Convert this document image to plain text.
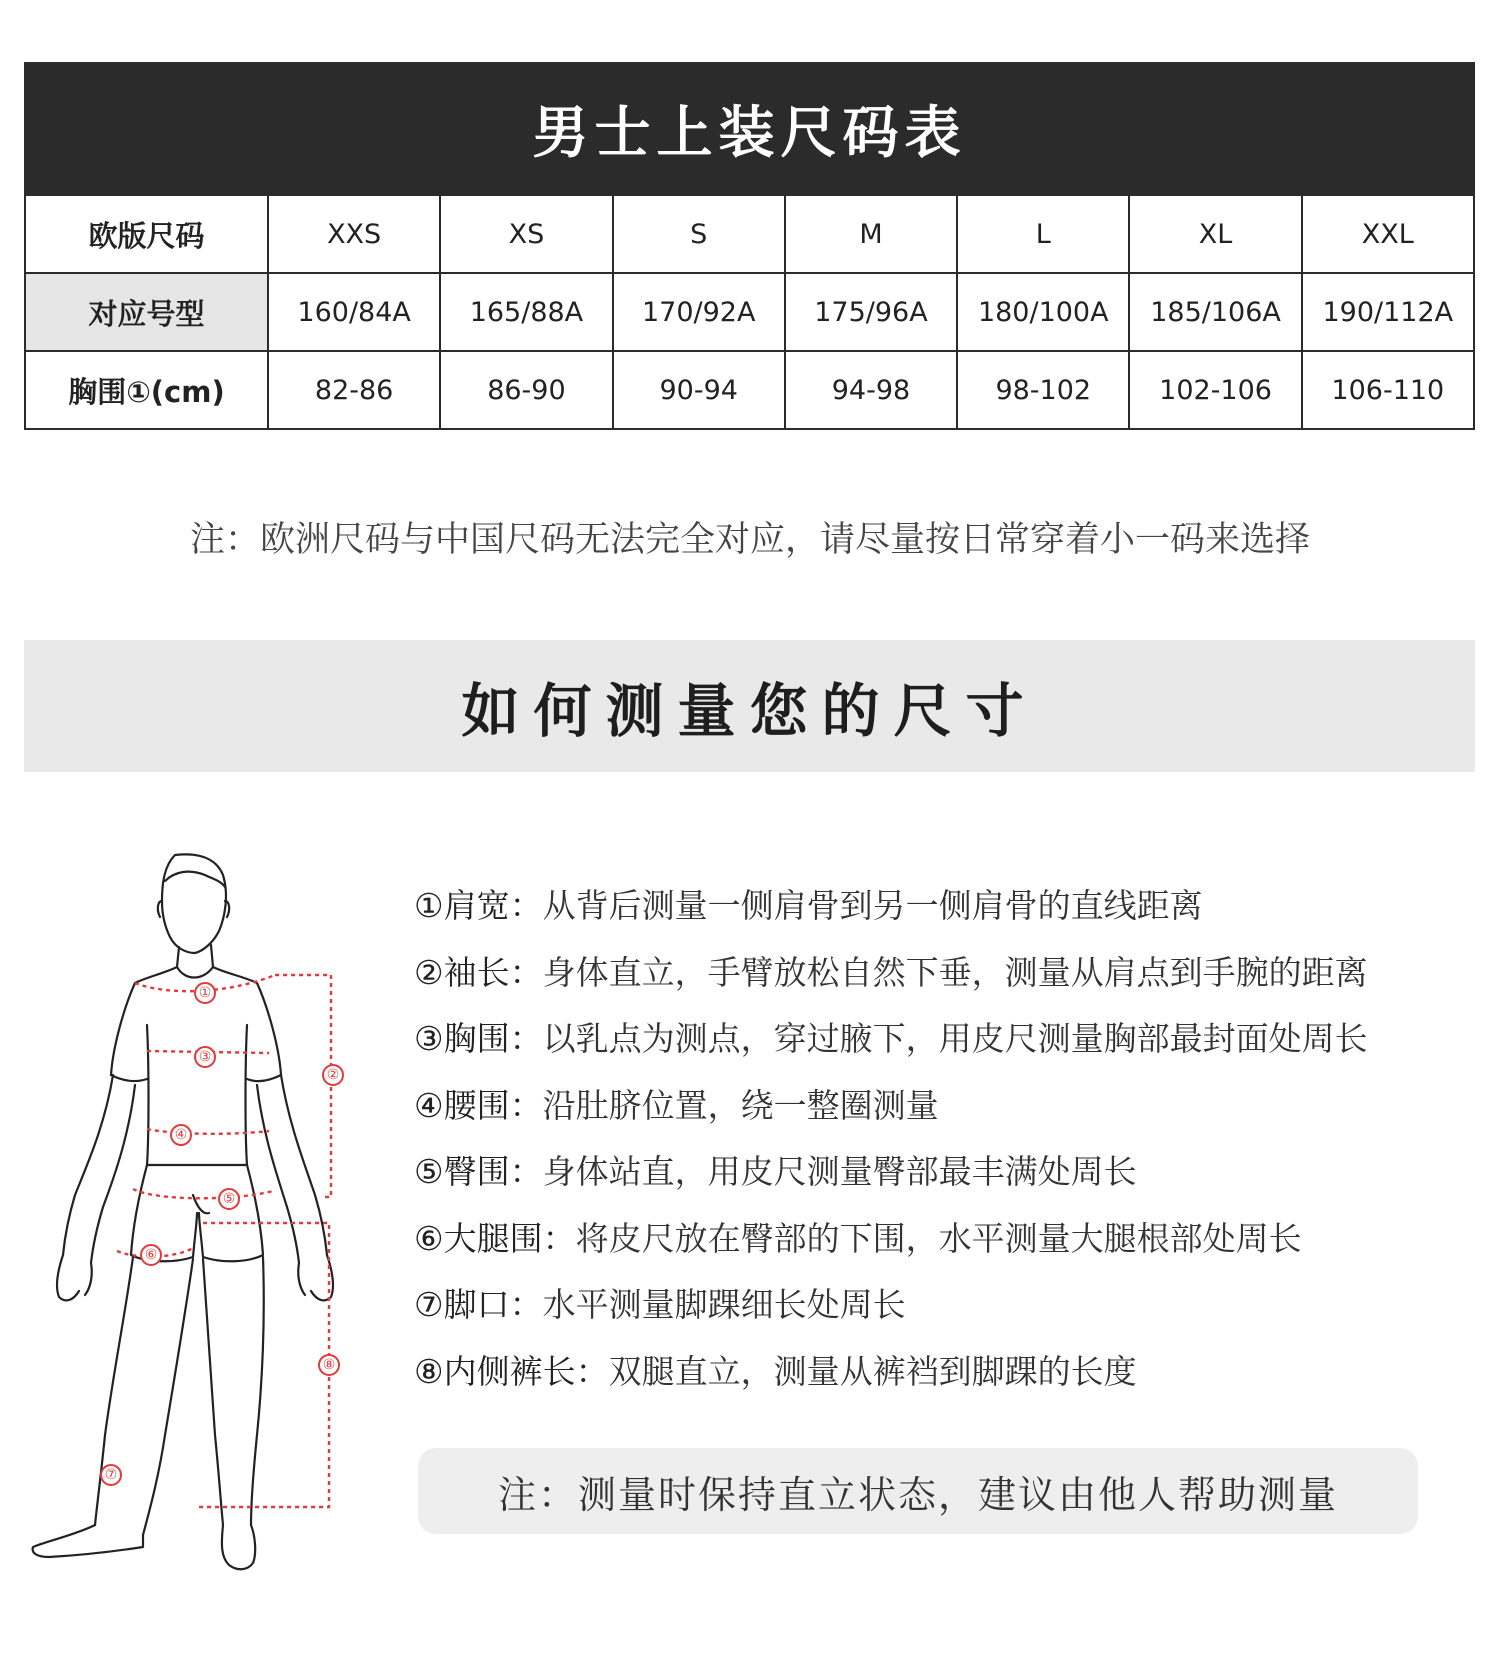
男士上装尺码表
欧版尺码	XXS	XS	S	M	L	XL	XXL
对应号型	160/84A	165/88A	170/92A	175/96A	180/100A	185/106A	190/112A
胸围①(cm)	82-86	86-90	90-94	94-98	98-102	102-106	106-110
注：欧洲尺码与中国尺码无法完全对应，请尽量按日常穿着小一码来选择
如何测量您的尺寸
①
②
③
④
⑤
⑥
⑦
⑧
①肩宽：从背后测量一侧肩骨到另一侧肩骨的直线距离
②袖长：身体直立，手臂放松自然下垂，测量从肩点到手腕的距离
③胸围：以乳点为测点，穿过腋下，用皮尺测量胸部最封面处周长
④腰围：沿肚脐位置，绕一整圈测量
⑤臀围：身体站直，用皮尺测量臀部最丰满处周长
⑥大腿围：将皮尺放在臀部的下围，水平测量大腿根部处周长
⑦脚口：水平测量脚踝细长处周长
⑧内侧裤长：双腿直立，测量从裤裆到脚踝的长度
注：测量时保持直立状态，建议由他人帮助测量
